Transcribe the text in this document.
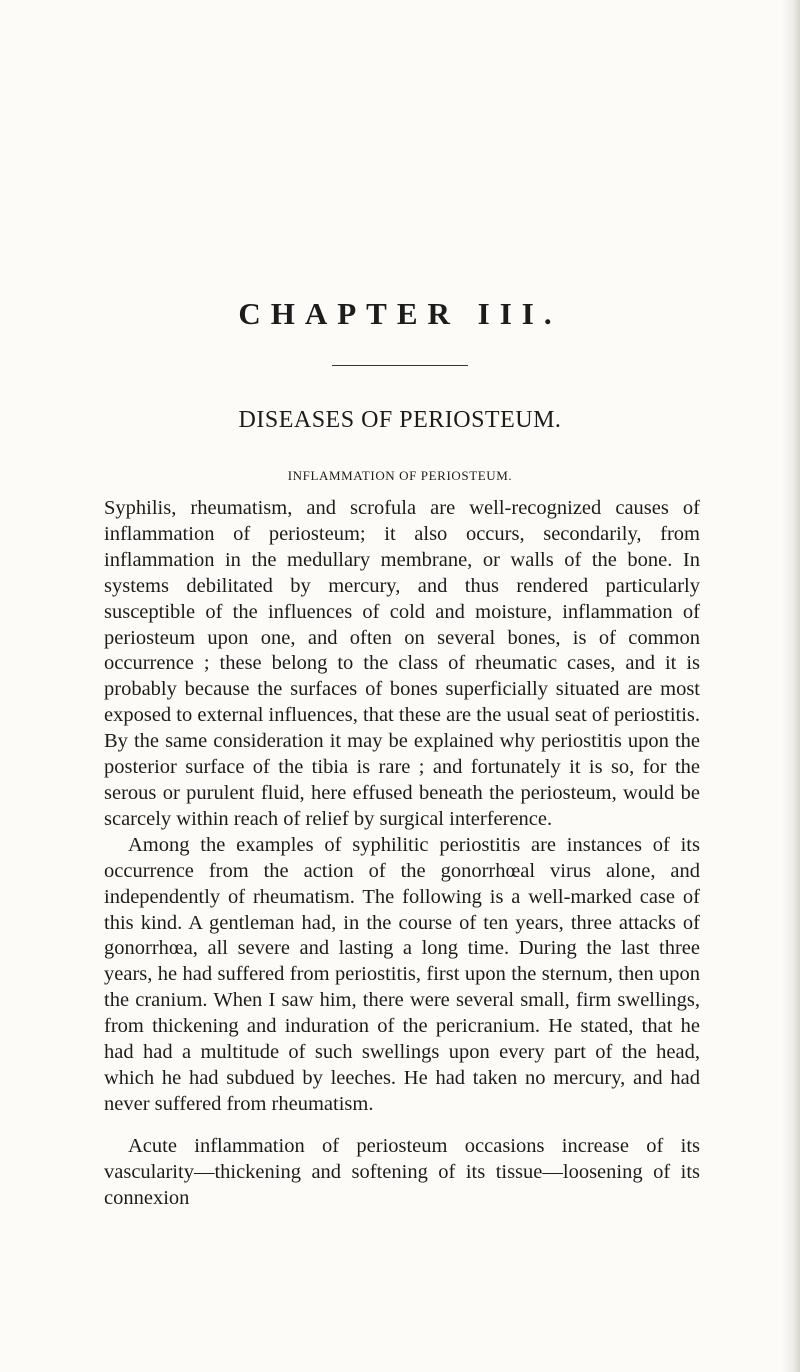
CHAPTER III.
DISEASES OF PERIOSTEUM.
INFLAMMATION OF PERIOSTEUM.

Syphilis, rheumatism, and scrofula are well-recognized causes of inflammation of periosteum; it also occurs, secondarily, from inflammation in the medullary membrane, or walls of the bone. In systems debilitated by mercury, and thus rendered particularly susceptible of the influences of cold and moisture, inflammation of periosteum upon one, and often on several bones, is of common occurrence ; these belong to the class of rheumatic cases, and it is probably because the surfaces of bones superficially situated are most exposed to external influences, that these are the usual seat of periostitis. By the same consideration it may be explained why periostitis upon the posterior surface of the tibia is rare ; and fortunately it is so, for the serous or purulent fluid, here effused beneath the periosteum, would be scarcely within reach of relief by surgical interference.

Among the examples of syphilitic periostitis are instances of its occurrence from the action of the gonorrhœal virus alone, and independently of rheumatism. The following is a well-marked case of this kind. A gentleman had, in the course of ten years, three attacks of gonorrhœa, all severe and lasting a long time. During the last three years, he had suffered from periostitis, first upon the sternum, then upon the cranium. When I saw him, there were several small, firm swellings, from thickening and induration of the pericranium. He stated, that he had had a multitude of such swellings upon every part of the head, which he had subdued by leeches. He had taken no mercury, and had never suffered from rheumatism.

Acute inflammation of periosteum occasions increase of its vascularity—thickening and softening of its tissue—loosening of its connexion
